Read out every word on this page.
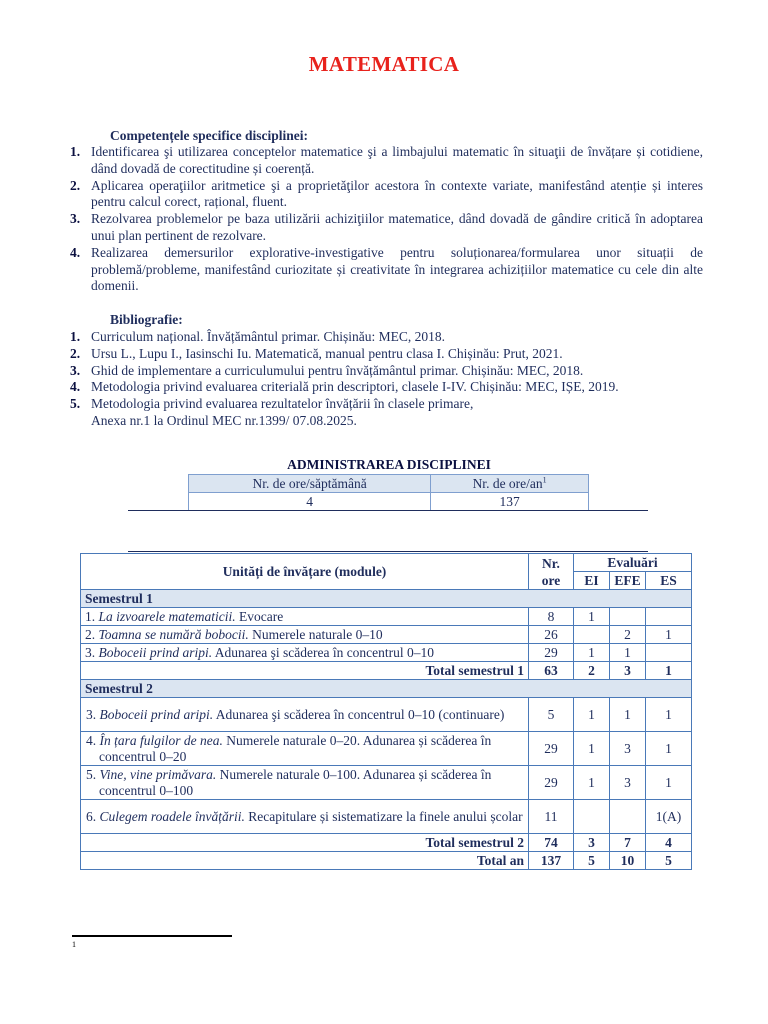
MATEMATICA
Competențele specifice disciplinei:
1. Identificarea şi utilizarea conceptelor matematice şi a limbajului matematic în situaţii de învățare și cotidiene, dând dovadă de corectitudine și coerență.
2. Aplicarea operaţiilor aritmetice şi a proprietăţilor acestora în contexte variate, manifestând atenție și interes pentru calcul corect, rațional, fluent.
3. Rezolvarea problemelor pe baza utilizării achiziţiilor matematice, dând dovadă de gândire critică în adoptarea unui plan pertinent de rezolvare.
4. Realizarea demersurilor explorative-investigative pentru soluționarea/formularea unor situații de problemă/probleme, manifestând curiozitate și creativitate în integrarea achizițiilor matematice cu cele din alte domenii.
Bibliografie:
1. Curriculum național. Învățământul primar. Chișinău: MEC, 2018.
2. Ursu L., Lupu I., Iasinschi Iu. Matematică, manual pentru clasa I. Chișinău: Prut, 2021.
3. Ghid de implementare a curriculumului pentru învățământul primar. Chișinău: MEC, 2018.
4. Metodologia privind evaluarea criterială prin descriptori, clasele I-IV. Chișinău: MEC, IȘE, 2019.
5. Metodologia privind evaluarea rezultatelor învățării în clasele primare,
Anexa nr.1 la Ordinul MEC nr.1399/ 07.08.2025.
ADMINISTRAREA DISCIPLINEI
Nr. de ore/săptămână	Nr. de ore/$an^1$
4	137
Unități de învățare (module)	Nr. ore	Evaluări		
		EI	EFE	ES
Semestrul 1				
1. La izvoarele matematicii. Evocare	8	1		
2. Toamna se numără bobocii. Numerele naturale 0–10	26		2	1
3. Boboceii prind aripi. Adunarea şi scăderea în concentrul 0–10	29	1	1	
Total semestrul 1	63	2	3	1
Semestrul 2				
3. Boboceii prind aripi. Adunarea şi scăderea în concentrul 0–10 (continuare)	5	1	1	1
4. În țara fulgilor de nea. Numerele naturale 0–20. Adunarea și scăderea în concentrul 0–20	29	1	3	1
5. Vine, vine primăvara. Numerele naturale 0–100. Adunarea și scăderea în concentrul 0–100	29	1	3	1
6. Culegem roadele învățării. Recapitulare și sistematizare la finele anului școlar	11			1(A)
Total semestrul 2	74	3	7	4
Total an	137	5	10	5
1
